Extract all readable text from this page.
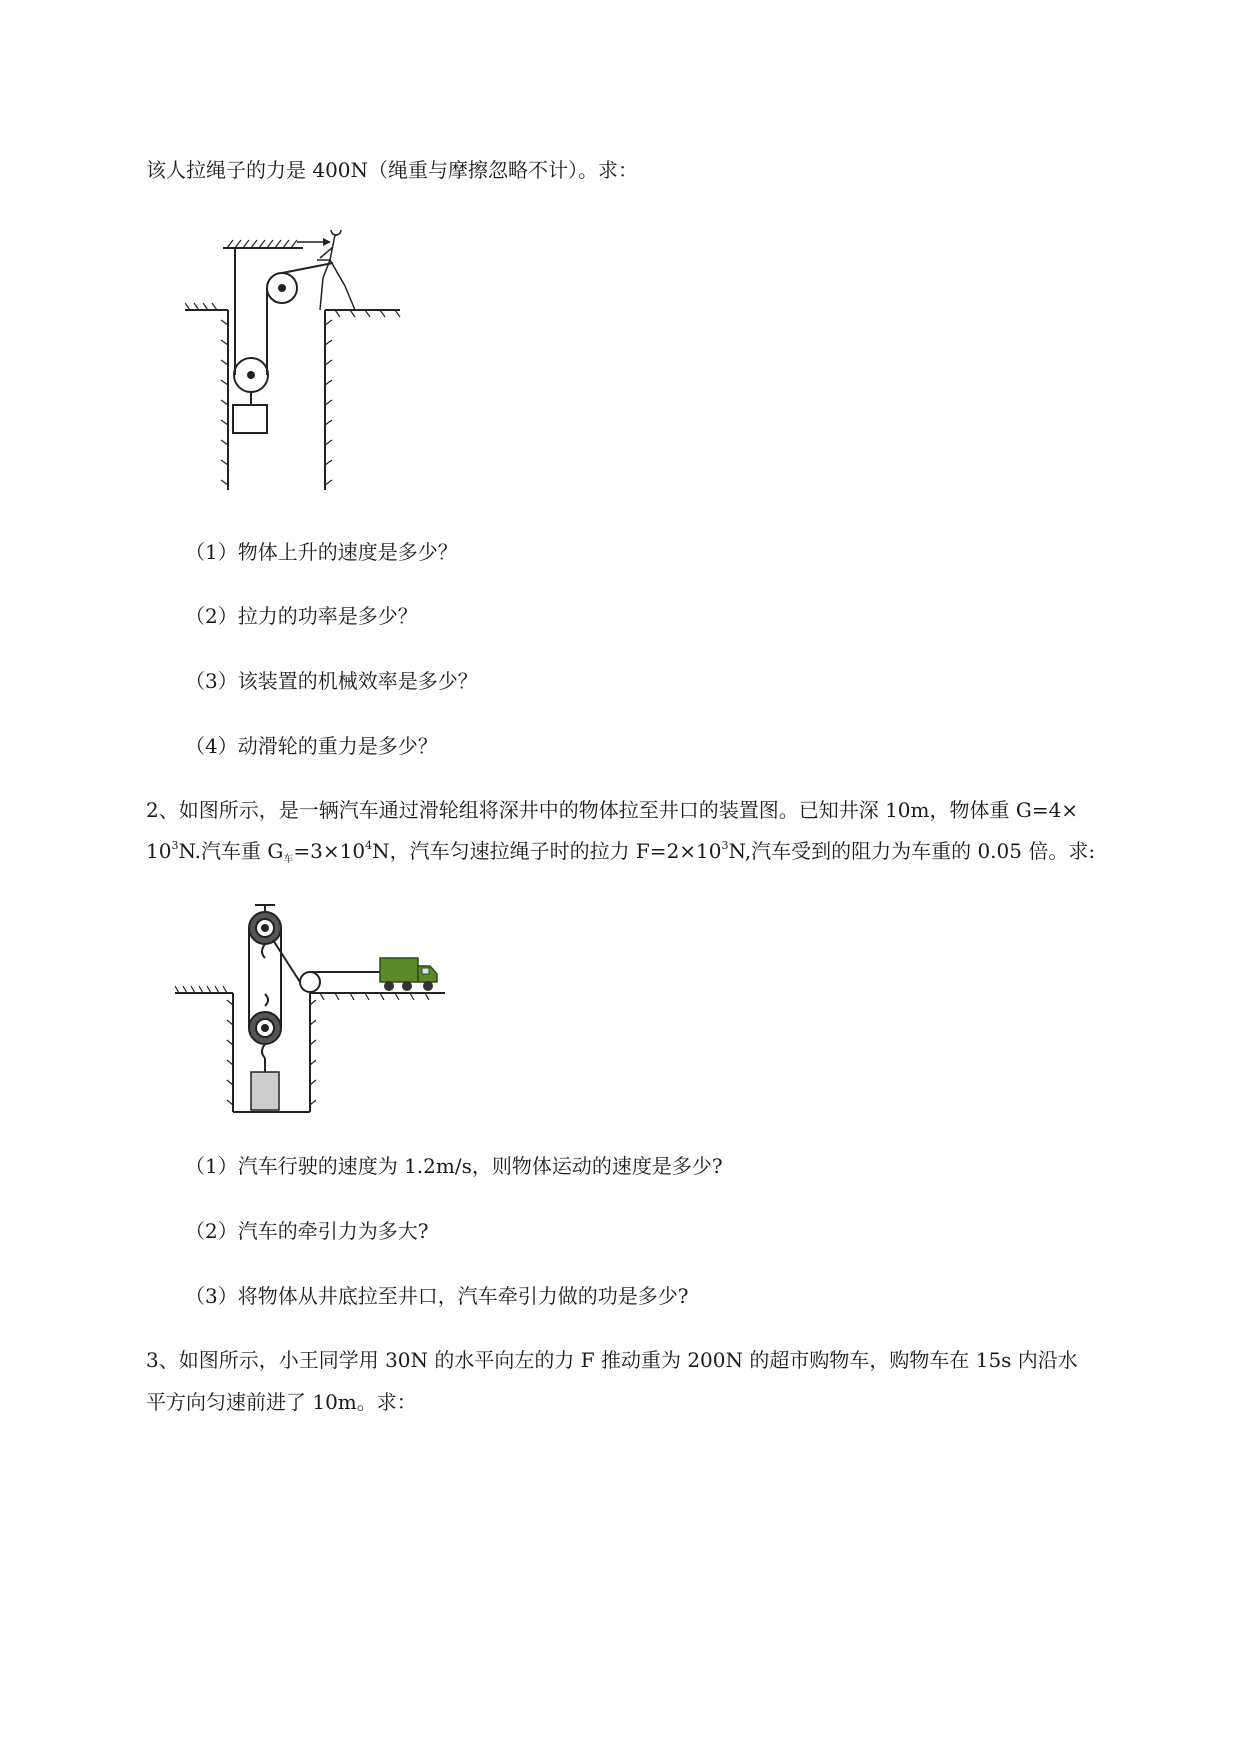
该人拉绳子的力是 400N（绳重与摩擦忽略不计）。求：
（1）物体上升的速度是多少？
（2）拉力的功率是多少？
（3）该装置的机械效率是多少？
（4）动滑轮的重力是多少？
2、如图所示，是一辆汽车通过滑轮组将深井中的物体拉至井口的装置图。已知井深 10m，物体重 G=4×
$10^3N$.汽车重 $G_车=3\times 10^4N$，汽车匀速拉绳子时的拉力 $F=2\times 10^3N$,汽车受到的阻力为车重的 0.05 倍。求:
（1）汽车行驶的速度为 1.2m/s，则物体运动的速度是多少?
（2）汽车的牵引力为多大?
（3）将物体从井底拉至井口，汽车牵引力做的功是多少?
3、如图所示，小王同学用 30N 的水平向左的力 F 推动重为 200N 的超市购物车，购物车在 15s 内沿水
平方向匀速前进了 10m。求：
